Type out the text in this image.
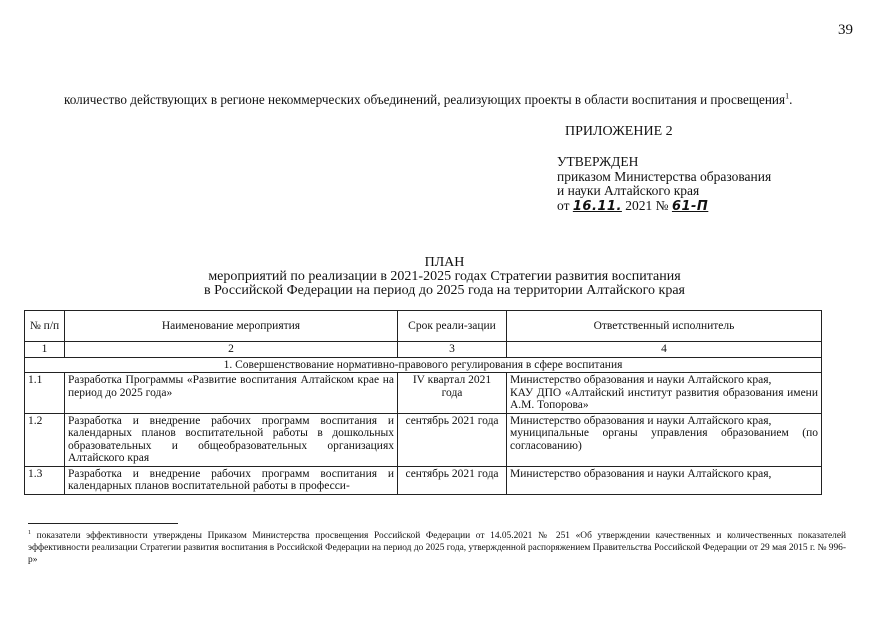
39
количество действующих в регионе некоммерческих объединений, реализующих проекты в области воспитания и просвещения$^1$.
ПРИЛОЖЕНИЕ 2
УТВЕРЖДЕН
приказом Министерства образования
и науки Алтайского края
от 16.11. 2021 № 61-П
ПЛАН
мероприятий по реализации в 2021-2025 годах Стратегии развития воспитания
в Российской Федерации на период до 2025 года на территории Алтайского края
№ п/п	Наименование мероприятия	Срок реали-зации	Ответственный исполнитель
1	2	3	4
1. Совершенствование нормативно-правового регулирования в сфере воспитания			
1.1	Разработка Программы «Развитие воспитания Алтайском крае на период до 2025 года»	IV квартал 2021 года	Министерство образования и науки Алтайского края,
КАУ ДПО «Алтайский институт развития образования имени А.М. Топорова»

1.2	Разработка и внедрение рабочих программ воспитания и календарных планов воспитательной работы в дошкольных образовательных и общеобразовательных организациях Алтайского края	сентябрь 2021 года	Министерство образования и науки Алтайского края,
муниципальные органы управления образованием (по согласованию)

1.3	Разработка и внедрение рабочих программ воспитания и календарных планов воспитательной работы в професси-	сентябрь 2021 года	Министерство образования и науки Алтайского края,
$^1$ показатели эффективности утверждены Приказом Министерства просвещения Российской Федерации от 14.05.2021 № 251 «Об утверждении качественных и количественных показателей эффективности реализации Стратегии развития воспитания в Российской Федерации на период до 2025 года, утвержденной распоряжением Правительства Российской Федерации от 29 мая 2015 г. № 996-р»
